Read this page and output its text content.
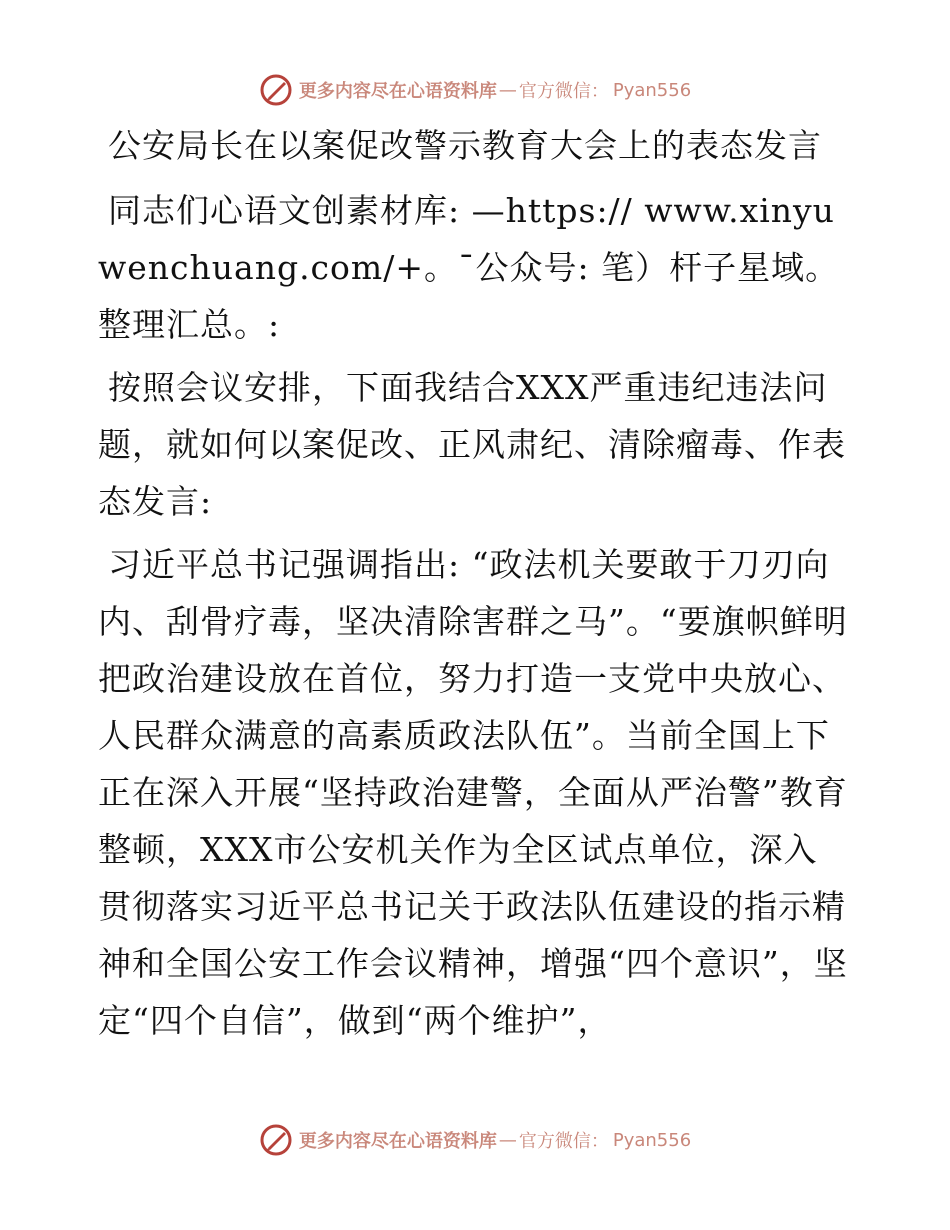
更多内容尽在心语资料库 — 官方微信： Pyan556

公安局长在以案促改警示教育大会上的表态发言

同志们心语文创素材库: —https:// www.xinyuwenchuang.com/+。¯公众号: 笔）杆子星域。整理汇总。:

按照会议安排，下面我结合XXX严重违纪违法问题，就如何以案促改、正风肃纪、清除瘤毒、作表态发言:

习近平总书记强调指出: “政法机关要敢于刀刃向内、刮骨疗毒，坚决清除害群之马”。“要旗帜鲜明把政治建设放在首位，努力打造一支党中央放心、人民群众满意的高素质政法队伍”。当前全国上下正在深入开展“坚持政治建警，全面从严治警”教育整顿，XXX市公安机关作为全区试点单位，深入贯彻落实习近平总书记关于政法队伍建设的指示精神和全国公安工作会议精神，增强“四个意识”，坚定“四个自信”，做到“两个维护”，

更多内容尽在心语资料库 — 官方微信： Pyan556
